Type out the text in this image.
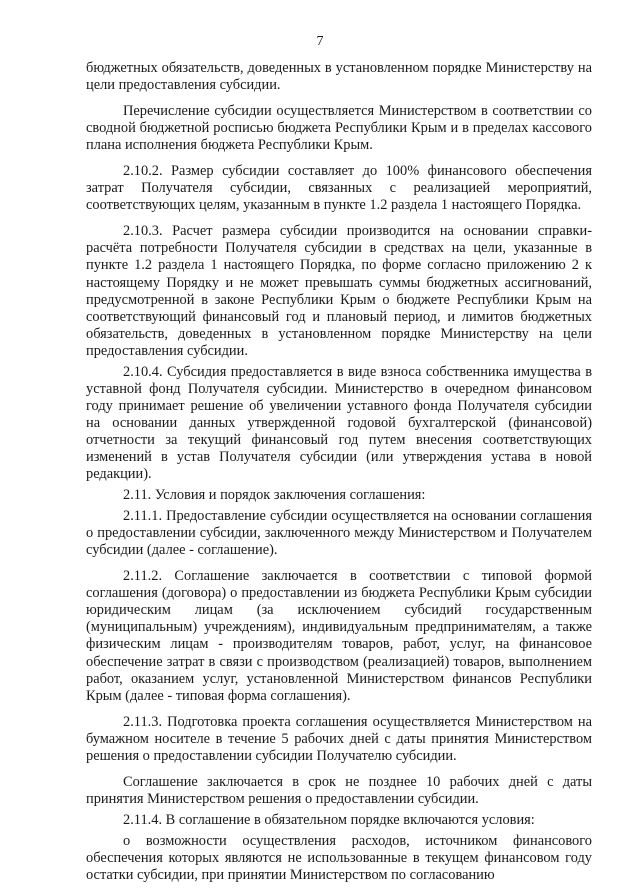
7

бюджетных обязательств, доведенных в установленном порядке Министерству на цели предоставления субсидии.

Перечисление субсидии осуществляется Министерством в соответствии со сводной бюджетной росписью бюджета Республики Крым и в пределах кассового плана исполнения бюджета Республики Крым.

2.10.2. Размер субсидии составляет до 100% финансового обеспечения затрат Получателя субсидии, связанных с реализацией мероприятий, соответствующих целям, указанным в пункте 1.2 раздела 1 настоящего Порядка.

2.10.3. Расчет размера субсидии производится на основании справки-расчёта потребности Получателя субсидии в средствах на цели, указанные в пункте 1.2 раздела 1 настоящего Порядка, по форме согласно приложению 2 к настоящему Порядку и не может превышать суммы бюджетных ассигнований, предусмотренной в законе Республики Крым о бюджете Республики Крым на соответствующий финансовый год и плановый период, и лимитов бюджетных обязательств, доведенных в установленном порядке Министерству на цели предоставления субсидии.

2.10.4. Субсидия предоставляется в виде взноса собственника имущества в уставной фонд Получателя субсидии. Министерство в очередном финансовом году принимает решение об увеличении уставного фонда Получателя субсидии на основании данных утвержденной годовой бухгалтерской (финансовой) отчетности за текущий финансовый год путем внесения соответствующих изменений в устав Получателя субсидии (или утверждения устава в новой редакции).

2.11. Условия и порядок заключения соглашения:

2.11.1. Предоставление субсидии осуществляется на основании соглашения о предоставлении субсидии, заключенного между Министерством и Получателем субсидии (далее - соглашение).

2.11.2. Соглашение заключается в соответствии с типовой формой соглашения (договора) о предоставлении из бюджета Республики Крым субсидии юридическим лицам (за исключением субсидий государственным (муниципальным) учреждениям), индивидуальным предпринимателям, а также физическим лицам - производителям товаров, работ, услуг, на финансовое обеспечение затрат в связи с производством (реализацией) товаров, выполнением работ, оказанием услуг, установленной Министерством финансов Республики Крым (далее - типовая форма соглашения).

2.11.3. Подготовка проекта соглашения осуществляется Министерством на бумажном носителе в течение 5 рабочих дней с даты принятия Министерством решения о предоставлении субсидии Получателю субсидии.

Соглашение заключается в срок не позднее 10 рабочих дней с даты принятия Министерством решения о предоставлении субсидии.

2.11.4. В соглашение в обязательном порядке включаются условия:

о возможности осуществления расходов, источником финансового обеспечения которых являются не использованные в текущем финансовом году остатки субсидии, при принятии Министерством по согласованию
